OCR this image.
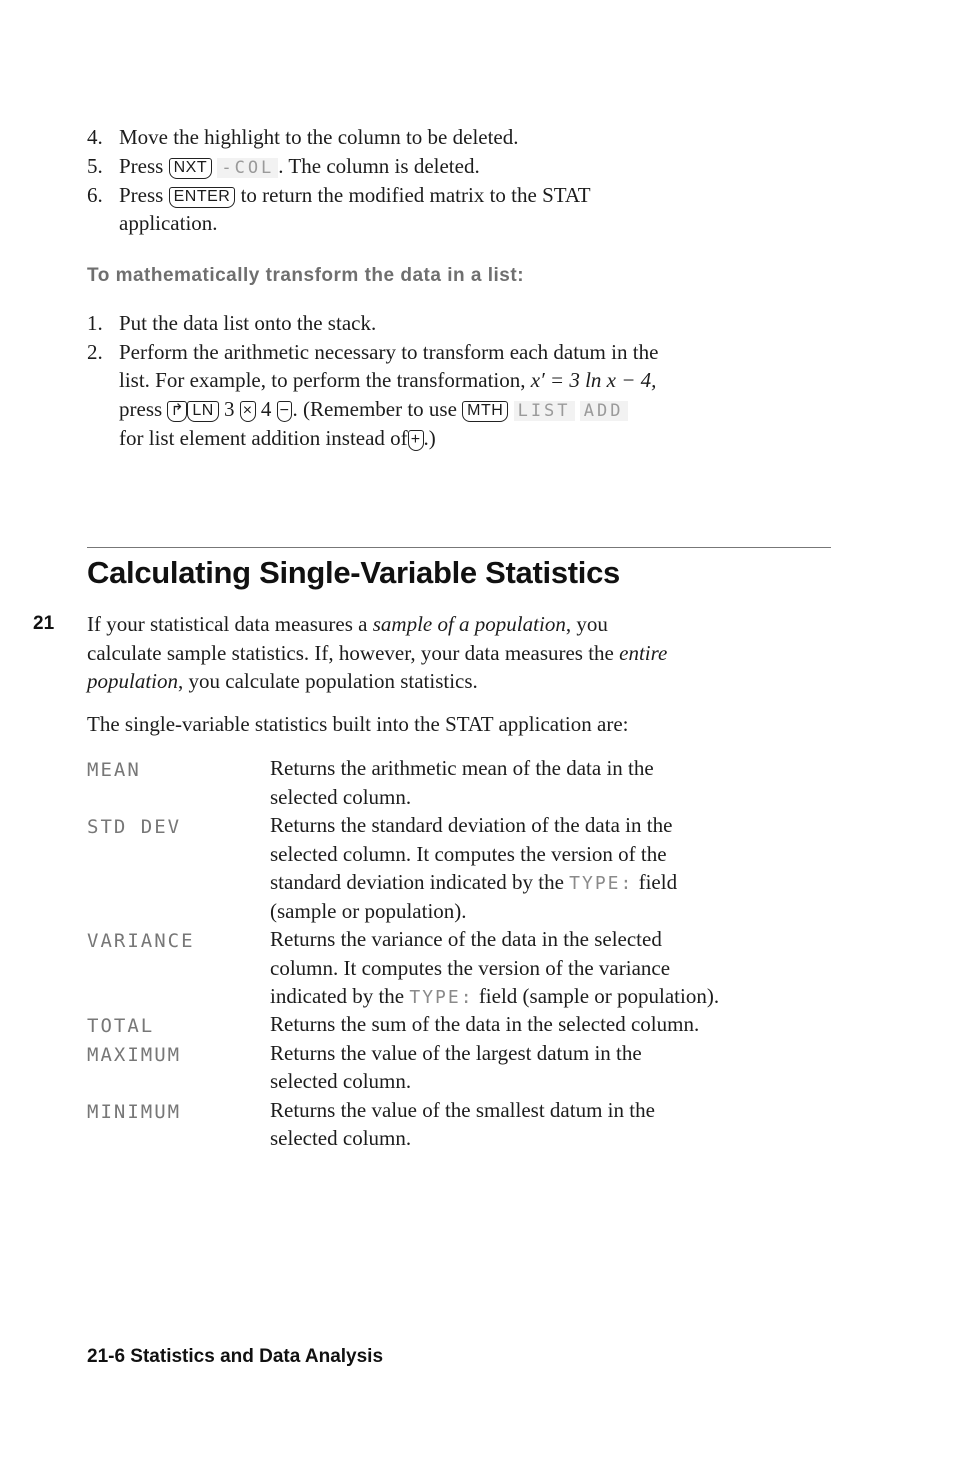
4. Move the highlight to the column to be deleted.
5. Press NXT -COL . The column is deleted.
6. Press ENTER to return the modified matrix to the STAT
application.
To mathematically transform the data in a list:
1. Put the data list onto the stack.
2. Perform the arithmetic necessary to transform each datum in the
list. For example, to perform the transformation, x′ = 3 ln x − 4,
press ↱ LN 3 × 4 − . (Remember to use MTH LIST ADD
for list element addition instead of + .)
Calculating Single-Variable Statistics
21 If your statistical data measures a sample of a population, you
calculate sample statistics. If, however, your data measures the entire
population, you calculate population statistics.
The single-variable statistics built into the STAT application are:
MEAN	Returns the arithmetic mean of the data in the
selected column.
STD DEV	Returns the standard deviation of the data in the
selected column. It computes the version of the
standard deviation indicated by the TYPE: field
(sample or population).
VARIANCE	Returns the variance of the data in the selected
column. It computes the version of the variance
indicated by the TYPE: field (sample or population).
TOTAL	Returns the sum of the data in the selected column.
MAXIMUM	Returns the value of the largest datum in the
selected column.
MINIMUM	Returns the value of the smallest datum in the
selected column.
21-6 Statistics and Data Analysis
